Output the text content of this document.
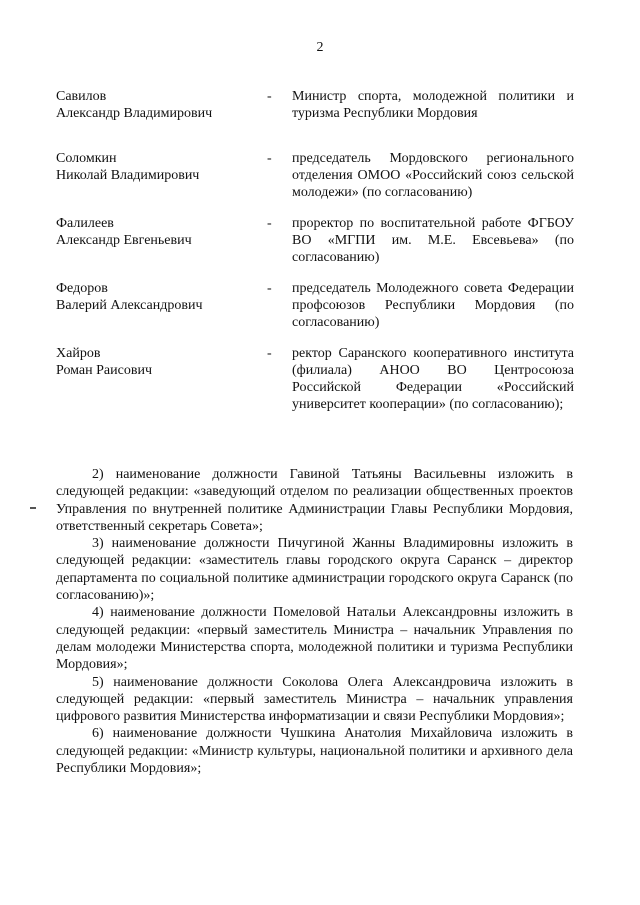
2
Савилов
Александр Владимирович
- Министр спорта, молодежной политики и туризма Республики Мордовия
Соломкин
Николай Владимирович
- председатель Мордовского регионального отделения ОМОО «Российский союз сельской молодежи» (по согласованию)
Фалилеев
Александр Евгеньевич
- проректор по воспитательной работе ФГБОУ ВО «МГПИ им. М.Е. Евсевьева» (по согласованию)
Федоров
Валерий Александрович
- председатель Молодежного совета Федерации профсоюзов Республики Мордовия (по согласованию)
Хайров
Роман Раисович
- ректор Саранского кооперативного института (филиала) АНОО ВО Центросоюза Российской Федерации «Российский университет кооперации» (по согласованию);

2) наименование должности Гавиной Татьяны Васильевны изложить в следующей редакции: «заведующий отделом по реализации общественных проектов Управления по внутренней политике Администрации Главы Республики Мордовия, ответственный секретарь Совета»;

3) наименование должности Пичугиной Жанны Владимировны изложить в следующей редакции: «заместитель главы городского округа Саранск – директор департамента по социальной политике администрации городского округа Саранск (по согласованию)»;

4) наименование должности Помеловой Натальи Александровны изложить в следующей редакции: «первый заместитель Министра – начальник Управления по делам молодежи Министерства спорта, молодежной политики и туризма Республики Мордовия»;

5) наименование должности Соколова Олега Александровича изложить в следующей редакции: «первый заместитель Министра – начальник управления цифрового развития Министерства информатизации и связи Республики Мордовия»;

6) наименование должности Чушкина Анатолия Михайловича изложить в следующей редакции: «Министр культуры, национальной политики и архивного дела Республики Мордовия»;
